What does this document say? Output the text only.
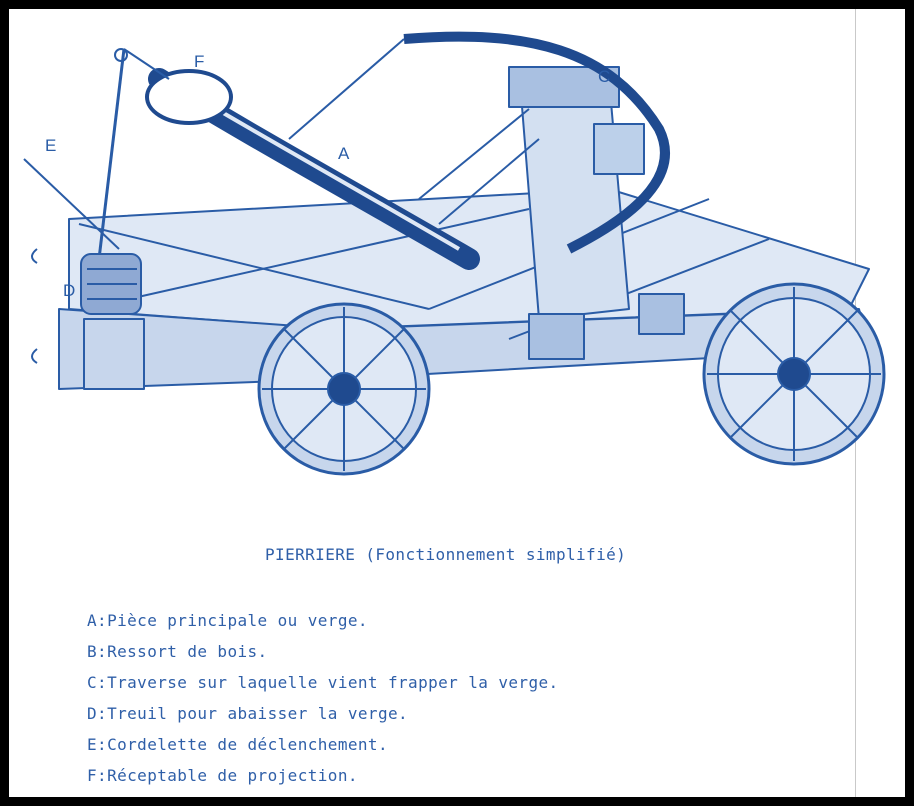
F
A
C
E
D
PIERRIERE (Fonctionnement simplifié)
A:Pièce principale ou verge.
B:Ressort de bois.
C:Traverse sur laquelle vient frapper la verge.
D:Treuil pour abaisser la verge.
E:Cordelette de déclenchement.
F:Réceptable de projection.
